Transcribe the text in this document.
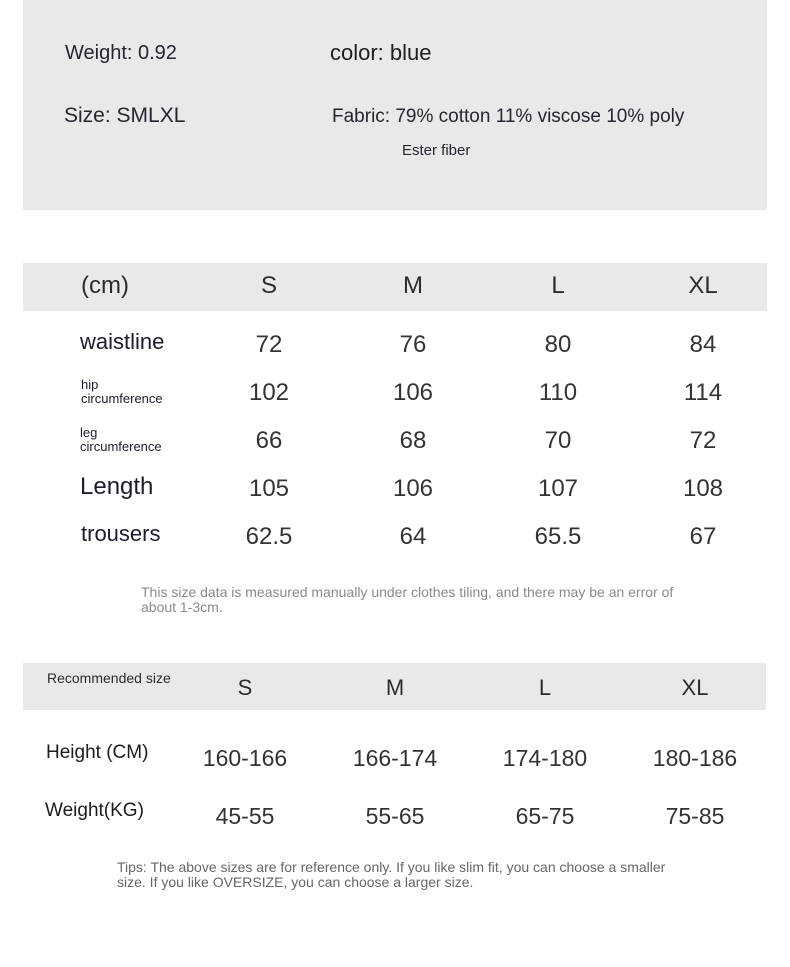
Weight: 0.92
Size: SMLXL
color: blue
Fabric: 79% cotton 11% viscose 10% poly
Ester fiber
(cm)	S	M	L	XL
waistline	72	76	80	84
hip
circumference	102	106	110	114
leg
circumference	66	68	70	72
Length	105	106	107	108
trousers	62.5	64	65.5	67
This size data is measured manually under clothes tiling, and there may be an error of about 1-3cm.
Recommended size	S	M	L	XL
Height (CM) 160-166	166-174	174-180	180-186
Weight(KG)	45-55	55-65	65-75	75-85
Tips: The above sizes are for reference only. If you like slim fit, you can choose a smaller size. If you like OVERSIZE, you can choose a larger size.
